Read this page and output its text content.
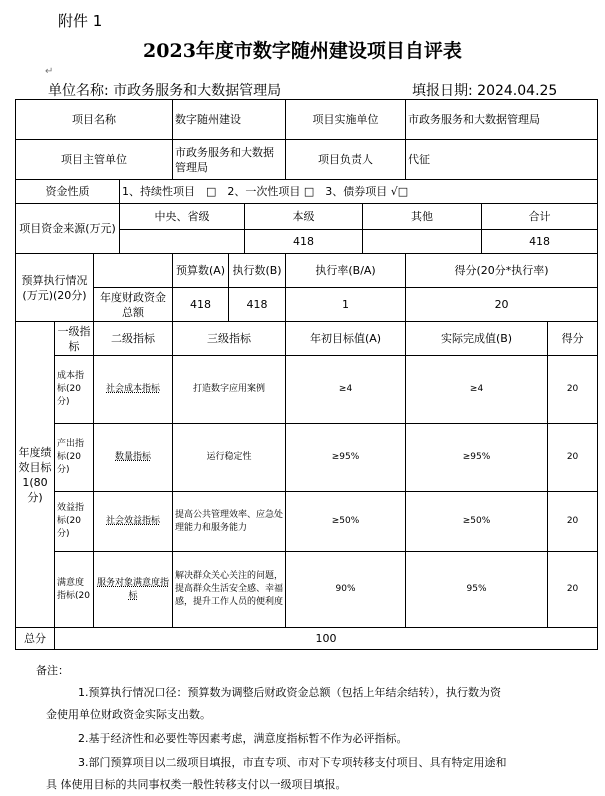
附件 1
2023年度市数字随州建设项目自评表
↵
单位名称: 市政务服务和大数据管理局	填报日期: 2024.04.25
项目名称				数字随州建设			项目实施单位		市政务服务和大数据管理局		
项目主管单位				市政务服务和大数据管理局			项目负责人		代征		
资金性质			1、持续性项目　□　2、一次性项目 □　3、债券项目 √□								
项目资金来源(万元)			中央、省级			本级		其他		合计	
						418				418	
预算执行情况(万元)(20分)				预算数(A)	执行数(B)		执行率(B/A)		得分(20分*执行率)		
		年度财政资金总额		418	418		1		20		
年度绩效目标1(80分)	一级指标	二级指标		三级指标			年初目标值(A)		实际完成值(B)		得分
	成本指标(20分)	社会成本指标		打造数字应用案例			≥4		≥4		20
	产出指标(20分)	数量指标		运行稳定性			≥95%		≥95%		20
	效益指标(20分)	社会效益指标		提高公共管理效率、应急处理能力和服务能力			≥50%		≥50%		20
	满意度指标(20	服务对象满意度指标		解决群众关心关注的问题，提高群众生活安全感、幸福感，提升工作人员的便利度			90%		95%		20
总分	100										
备注：
1.预算执行情况口径：预算数为调整后财政资金总额（包括上年结余结转），执行数为资
金使用单位财政资金实际支出数。
2.基于经济性和必要性等因素考虑，满意度指标暂不作为必评指标。
3.部门预算项目以二级项目填报，市直专项、市对下专项转移支付项目、具有特定用途和
具 体使用目标的共同事权类一般性转移支付以一级项目填报。
